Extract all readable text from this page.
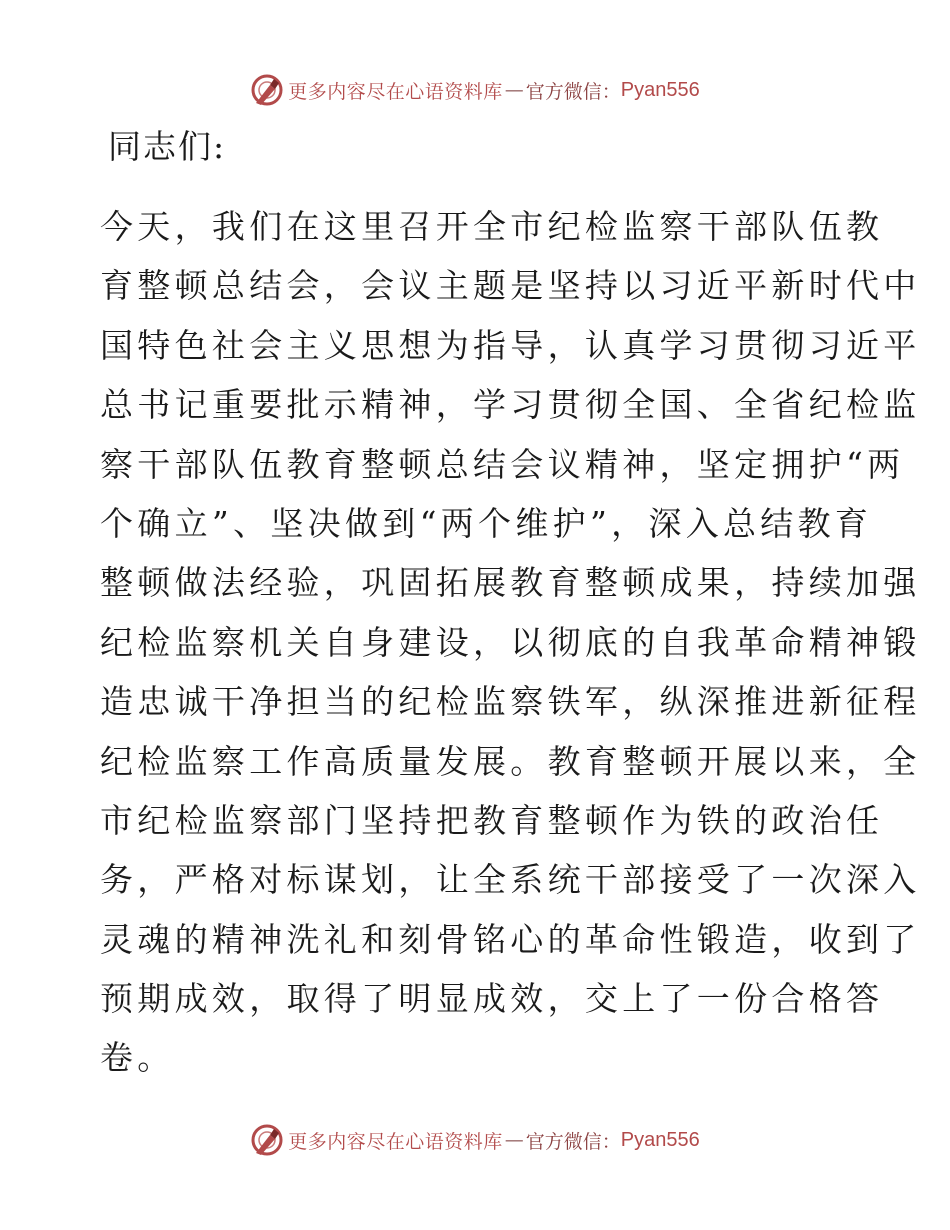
更多内容尽在心语资料库 — 官方微信： Pyan556
同志们:
今天，我们在这里召开全市纪检监察干部队伍教
育整顿总结会，会议主题是坚持以习近平新时代中
国特色社会主义思想为指导，认真学习贯彻习近平
总书记重要批示精神，学习贯彻全国、全省纪检监
察干部队伍教育整顿总结会议精神，坚定拥护“两
个确立”、坚决做到“两个维护”，深入总结教育
整顿做法经验，巩固拓展教育整顿成果，持续加强
纪检监察机关自身建设，以彻底的自我革命精神锻
造忠诚干净担当的纪检监察铁军，纵深推进新征程
纪检监察工作高质量发展。教育整顿开展以来，全
市纪检监察部门坚持把教育整顿作为铁的政治任
务，严格对标谋划，让全系统干部接受了一次深入
灵魂的精神洗礼和刻骨铭心的革命性锻造，收到了
预期成效，取得了明显成效，交上了一份合格答
卷。
更多内容尽在心语资料库 — 官方微信： Pyan556
